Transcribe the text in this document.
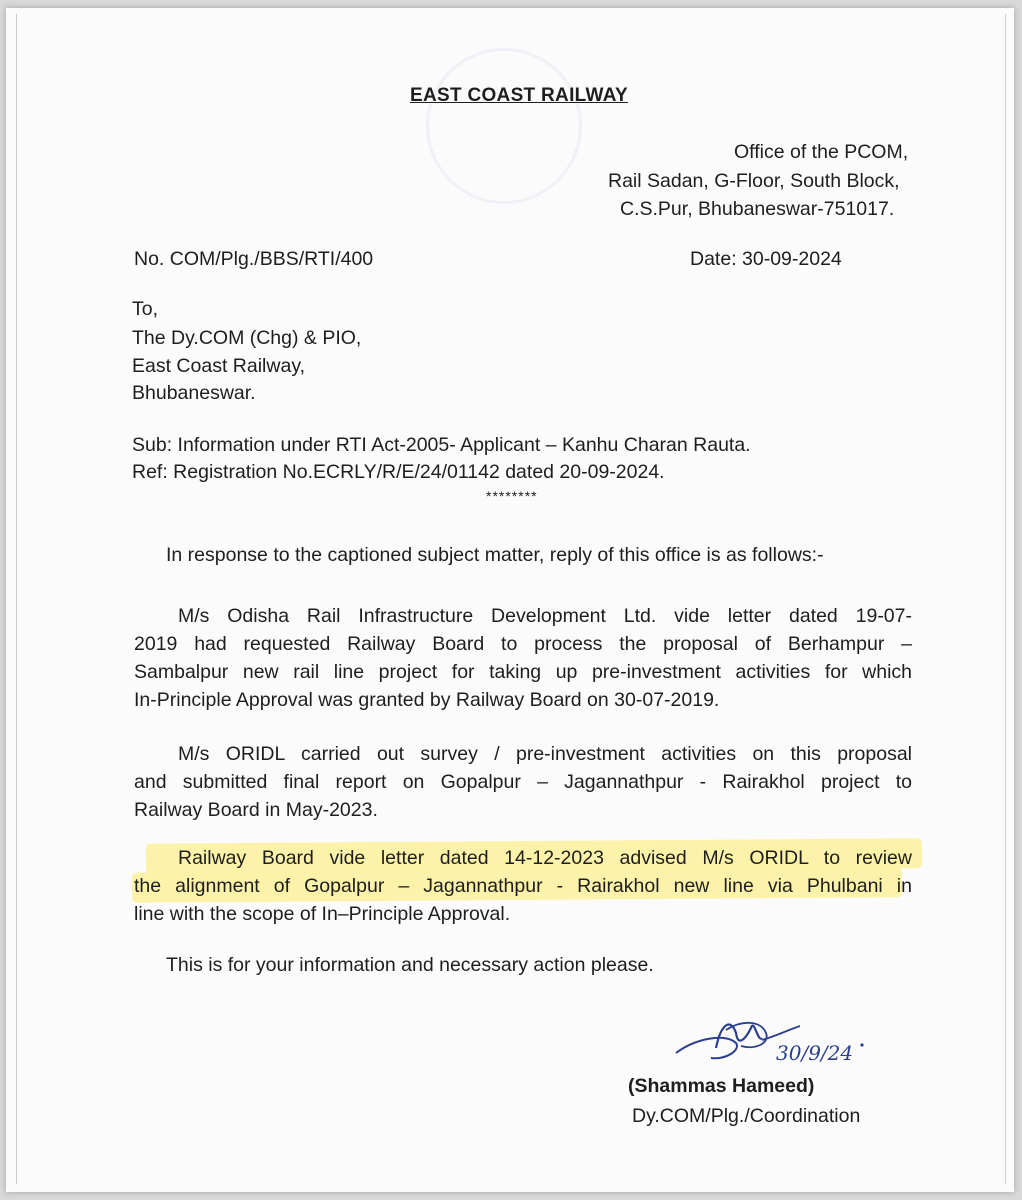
EAST COAST RAILWAY

Office of the PCOM,

Rail Sadan, G-Floor, South Block,

C.S.Pur, Bhubaneswar-751017.

No. COM/Plg./BBS/RTI/400	Date: 30-09-2024

To,

The Dy.COM (Chg) & PIO,

East Coast Railway,

Bhubaneswar.

Sub: Information under RTI Act-2005- Applicant – Kanhu Charan Rauta.

Ref: Registration No.ECRLY/R/E/24/01142 dated 20-09-2024.

********

In response to the captioned subject matter, reply of this office is as follows:-

M/s Odisha Rail Infrastructure Development Ltd. vide letter dated 19-07-

2019 had requested Railway Board to process the proposal of Berhampur –

Sambalpur new rail line project for taking up pre-investment activities for which

In-Principle Approval was granted by Railway Board on 30-07-2019.

M/s ORIDL carried out survey / pre-investment activities on this proposal

and submitted final report on Gopalpur – Jagannathpur - Rairakhol project to

Railway Board in May-2023.

Railway Board vide letter dated 14-12-2023 advised M/s ORIDL to review

the alignment of Gopalpur – Jagannathpur - Rairakhol new line via Phulbani in

line with the scope of In–Principle Approval.

This is for your information and necessary action please.

30/9/24

(Shammas Hameed)

Dy.COM/Plg./Coordination
